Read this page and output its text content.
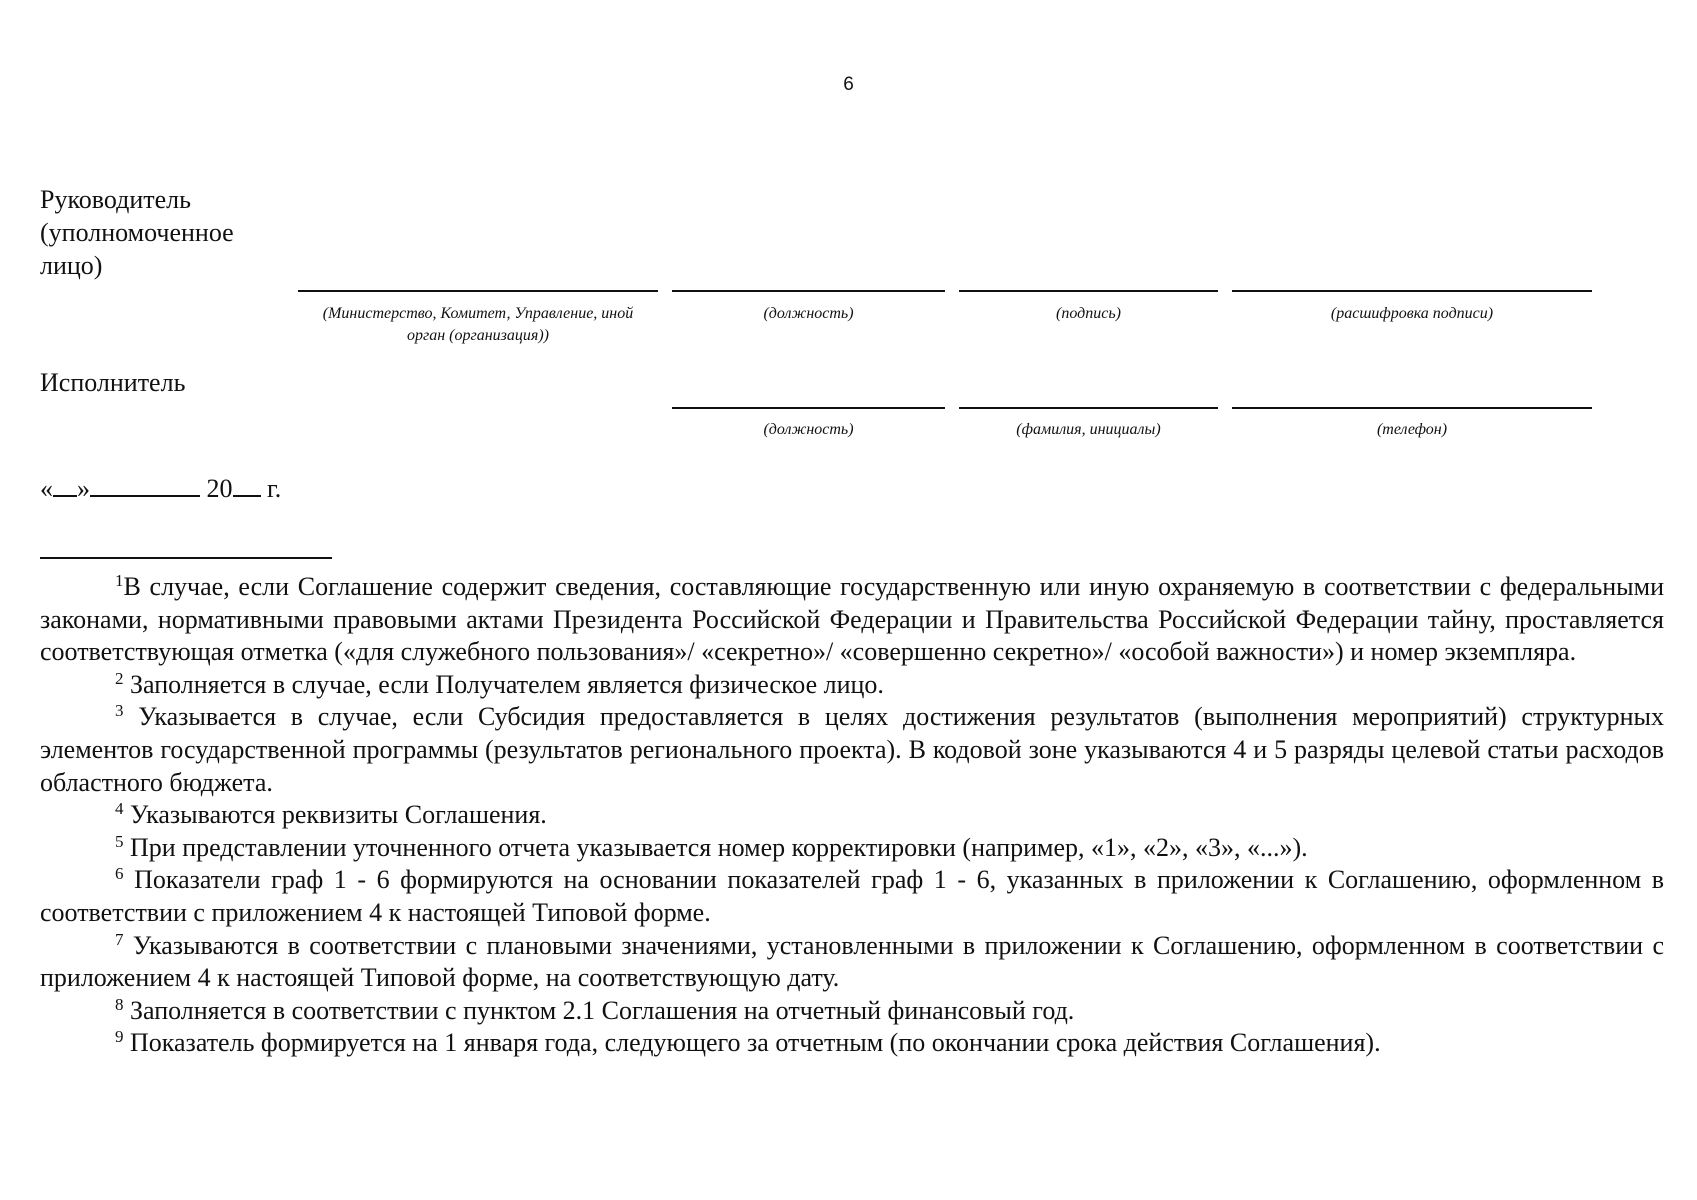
6
Руководитель (уполномоченное лицо)
(Министерство, Комитет, Управление, иной орган (организация))
(должность)	(подпись)	(расшифровка подписи)
Исполнитель
(должность)	(фамилия, инициалы)	(телефон)
« »	20 г.

$^1$В случае, если Соглашение содержит сведения, составляющие государственную или иную охраняемую в соответствии с федеральными законами, нормативными правовыми актами Президента Российской Федерации и Правительства Российской Федерации тайну, проставляется соответствующая отметка («для служебного пользования»/ «секретно»/ «совершенно секретно»/ «особой важности») и номер экземпляра.

$^2$ Заполняется в случае, если Получателем является физическое лицо.

$^3$ Указывается в случае, если Субсидия предоставляется в целях достижения результатов (выполнения мероприятий) структурных элементов государственной программы (результатов регионального проекта). В кодовой зоне указываются 4 и 5 разряды целевой статьи расходов областного бюджета.

$^4$ Указываются реквизиты Соглашения.

$^5$ При представлении уточненного отчета указывается номер корректировки (например, «1», «2», «3», «...»).

$^6$ Показатели граф 1 - 6 формируются на основании показателей граф 1 - 6, указанных в приложении к Соглашению, оформленном в соответствии с приложением 4 к настоящей Типовой форме.

$^7$ Указываются в соответствии с плановыми значениями, установленными в приложении к Соглашению, оформленном в соответствии с приложением 4 к настоящей Типовой форме, на соответствующую дату.

$^8$ Заполняется в соответствии с пунктом 2.1 Соглашения на отчетный финансовый год.

$^9$ Показатель формируется на 1 января года, следующего за отчетным (по окончании срока действия Соглашения).
